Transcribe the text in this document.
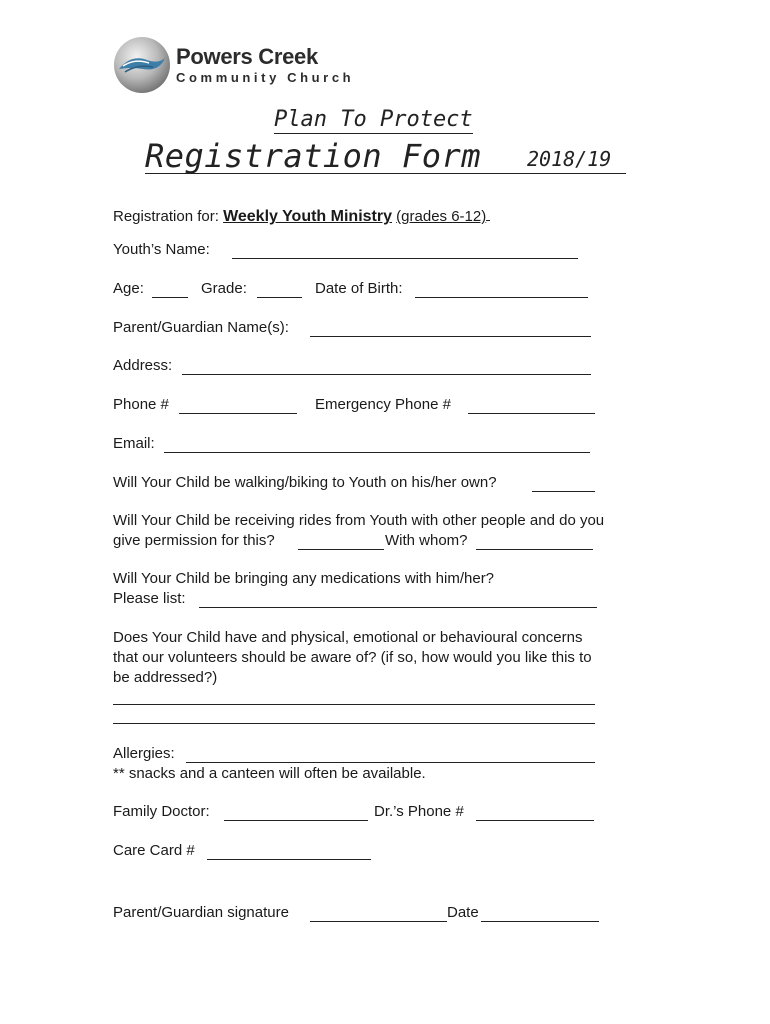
Powers Creek
Community Church
Plan To Protect
Registration Form 2018/19
Registration for: Weekly Youth Ministry (grades 6-12)
Youth’s Name:
Age:	Grade:	Date of Birth:
Parent/Guardian Name(s):
Address:
Phone #	Emergency Phone #
Email:
Will Your Child be walking/biking to Youth on his/her own?
Will Your Child be receiving rides from Youth with other people and do you
give permission for this?	With whom?
Will Your Child be bringing any medications with him/her?
Please list:
Does Your Child have and physical, emotional or behavioural concerns
that our volunteers should be aware of? (if so, how would you like this to
be addressed?)
Allergies:
** snacks and a canteen will often be available.
Family Doctor:	Dr.’s Phone #
Care Card #
Parent/Guardian signature	Date
